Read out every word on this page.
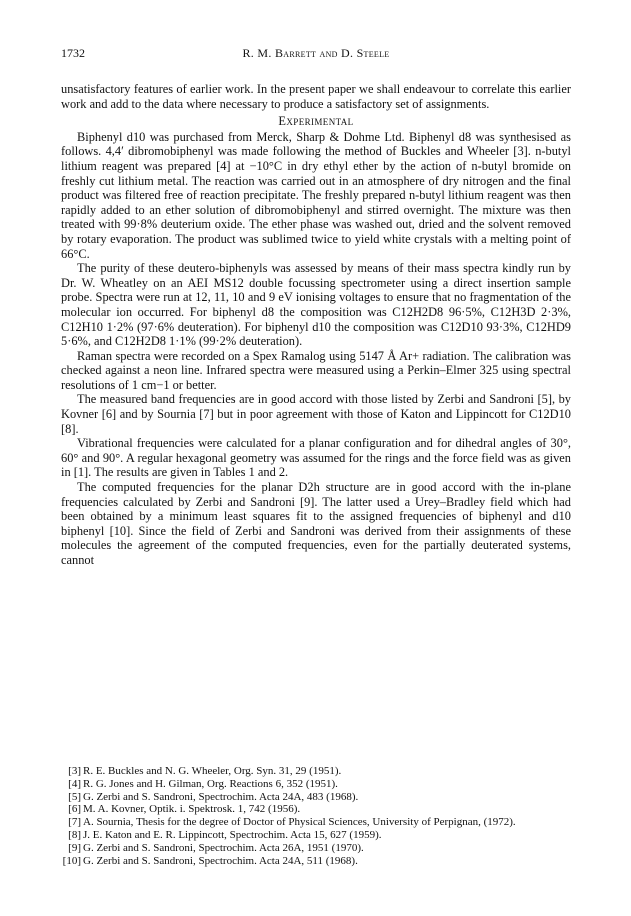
1732	R. M. Barrett and D. Steele

unsatisfactory features of earlier work. In the present paper we shall endeavour to correlate this earlier work and add to the data where necessary to produce a satisfactory set of assignments.

Experimental

Biphenyl d10 was purchased from Merck, Sharp & Dohme Ltd. Biphenyl d8 was synthesised as follows. 4,4′ dibromobiphenyl was made following the method of Buckles and Wheeler [3]. n-butyl lithium reagent was prepared [4] at −10°C in dry ethyl ether by the action of n-butyl bromide on freshly cut lithium metal. The reaction was carried out in an atmosphere of dry nitrogen and the final product was filtered free of reaction precipitate. The freshly prepared n-butyl lithium reagent was then rapidly added to an ether solution of dibromobiphenyl and stirred overnight. The mixture was then treated with 99·8% deuterium oxide. The ether phase was washed out, dried and the solvent removed by rotary evaporation. The product was sublimed twice to yield white crystals with a melting point of 66°C.

The purity of these deutero-biphenyls was assessed by means of their mass spectra kindly run by Dr. W. Wheatley on an AEI MS12 double focussing spectrometer using a direct insertion sample probe. Spectra were run at 12, 11, 10 and 9 eV ionising voltages to ensure that no fragmentation of the molecular ion occurred. For biphenyl d8 the composition was C12H2D8 96·5%, C12H3D 2·3%, C12H10 1·2% (97·6% deuteration). For biphenyl d10 the composition was C12D10 93·3%, C12HD9 5·6%, and C12H2D8 1·1% (99·2% deuteration).

Raman spectra were recorded on a Spex Ramalog using 5147 Å Ar+ radiation. The calibration was checked against a neon line. Infrared spectra were measured using a Perkin–Elmer 325 using spectral resolutions of 1 cm−1 or better.

The measured band frequencies are in good accord with those listed by Zerbi and Sandroni [5], by Kovner [6] and by Sournia [7] but in poor agreement with those of Katon and Lippincott for C12D10 [8].

Vibrational frequencies were calculated for a planar configuration and for dihedral angles of 30°, 60° and 90°. A regular hexagonal geometry was assumed for the rings and the force field was as given in [1]. The results are given in Tables 1 and 2.

The computed frequencies for the planar D2h structure are in good accord with the in-plane frequencies calculated by Zerbi and Sandroni [9]. The latter used a Urey–Bradley field which had been obtained by a minimum least squares fit to the assigned frequencies of biphenyl and d10 biphenyl [10]. Since the field of Zerbi and Sandroni was derived from their assignments of these molecules the agreement of the computed frequencies, even for the partially deuterated systems, cannot

[3] R. E. Buckles and N. G. Wheeler, Org. Syn. 31, 29 (1951).
[4] R. G. Jones and H. Gilman, Org. Reactions 6, 352 (1951).
[5] G. Zerbi and S. Sandroni, Spectrochim. Acta 24A, 483 (1968).
[6] M. A. Kovner, Optik. i. Spektrosk. 1, 742 (1956).
[7] A. Sournia, Thesis for the degree of Doctor of Physical Sciences, University of Perpignan, (1972).
[8] J. E. Katon and E. R. Lippincott, Spectrochim. Acta 15, 627 (1959).
[9] G. Zerbi and S. Sandroni, Spectrochim. Acta 26A, 1951 (1970).
[10] G. Zerbi and S. Sandroni, Spectrochim. Acta 24A, 511 (1968).
